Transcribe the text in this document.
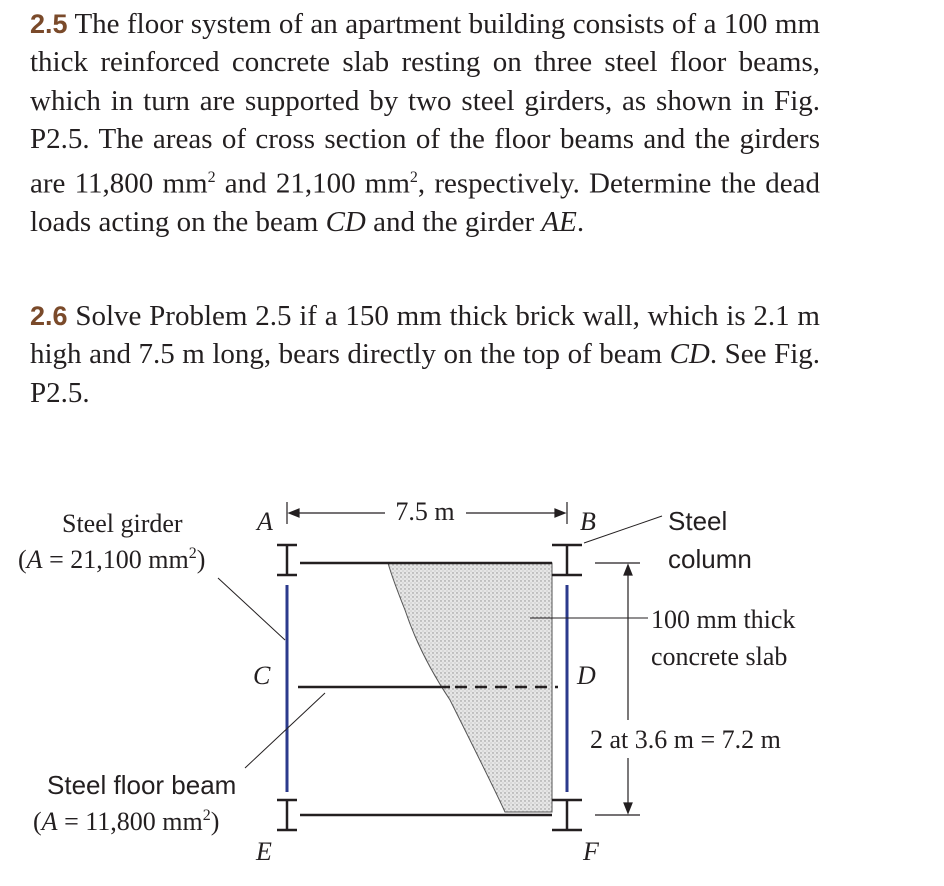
2.5 The floor system of an apartment building consists of a 100 mm thick reinforced concrete slab resting on three steel floor beams, which in turn are supported by two steel girders, as shown in Fig. P2.5. The areas of cross section of the floor beams and the girders are 11,800 $mm^2$ and 21,100 $mm^2$, respectively. Determine the dead loads acting on the beam CD and the girder AE.
2.6 Solve Problem 2.5 if a 150 mm thick brick wall, which is 2.1 m high and 7.5 m long, bears directly on the top of beam CD. See Fig. P2.5.
7.5 m
A	B
C	D
E	F
Steel girder
(A = 21,100 $mm^2$)
Steel floor beam
(A = 11,800 $mm^2$)
Steel
column
100 mm thick
concrete slab
2 at 3.6 m = 7.2 m
